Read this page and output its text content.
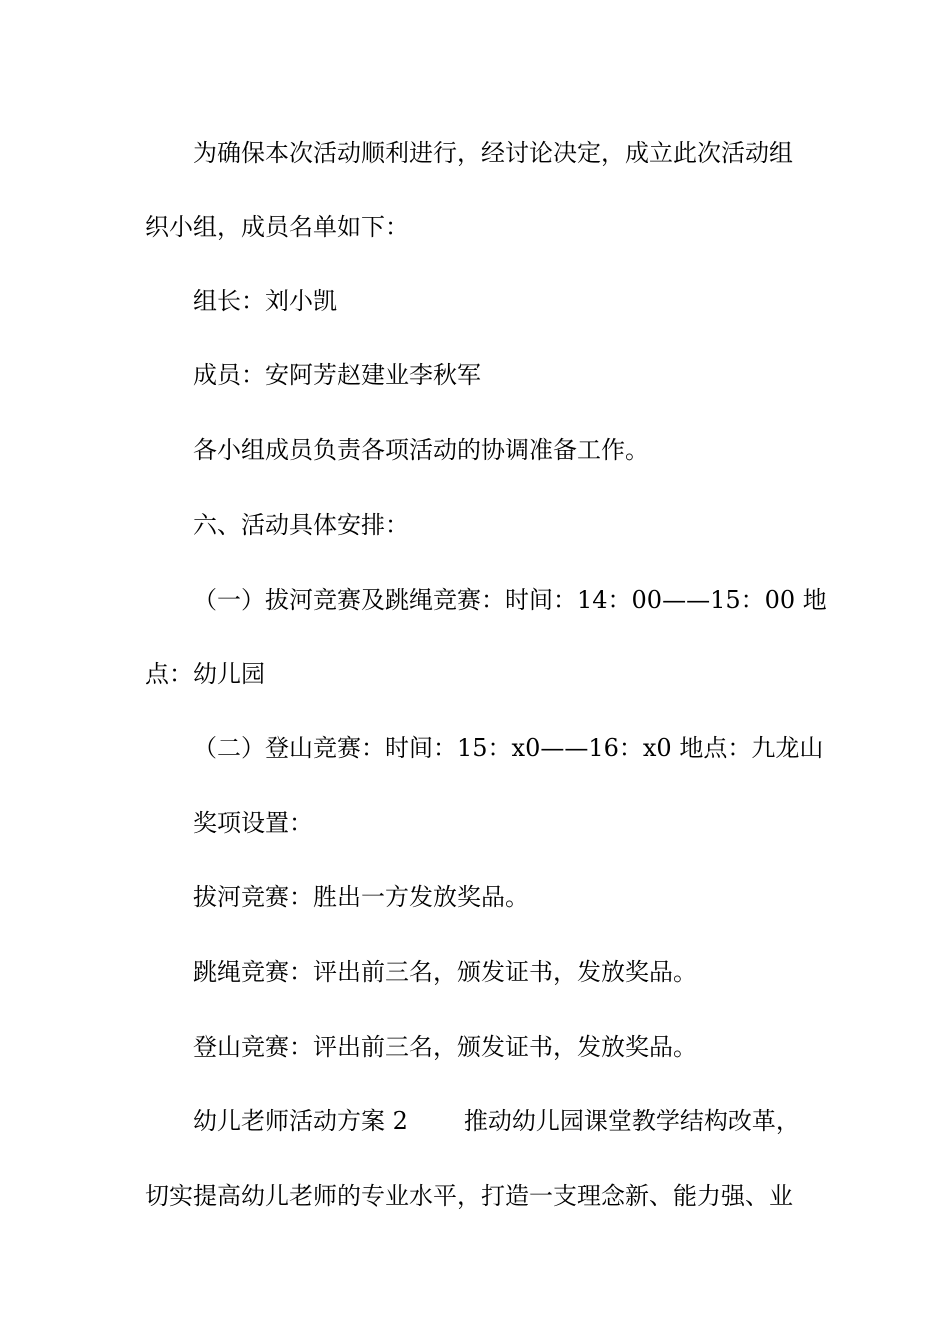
为确保本次活动顺利进行，经讨论决定，成立此次活动组
织小组，成员名单如下：
组长：刘小凯
成员：安阿芳赵建业李秋军
各小组成员负责各项活动的协调准备工作。
六、活动具体安排：
（一）拔河竞赛及跳绳竞赛：时间：14：00——15：00 地
点：幼儿园
（二）登山竞赛：时间：15：x0——16：x0 地点：九龙山
奖项设置：
拔河竞赛：胜出一方发放奖品。
跳绳竞赛：评出前三名，颁发证书，发放奖品。
登山竞赛：评出前三名，颁发证书，发放奖品。
幼儿老师活动方案 2 推动幼儿园课堂教学结构改革，
切实提高幼儿老师的专业水平，打造一支理念新、能力强、业
